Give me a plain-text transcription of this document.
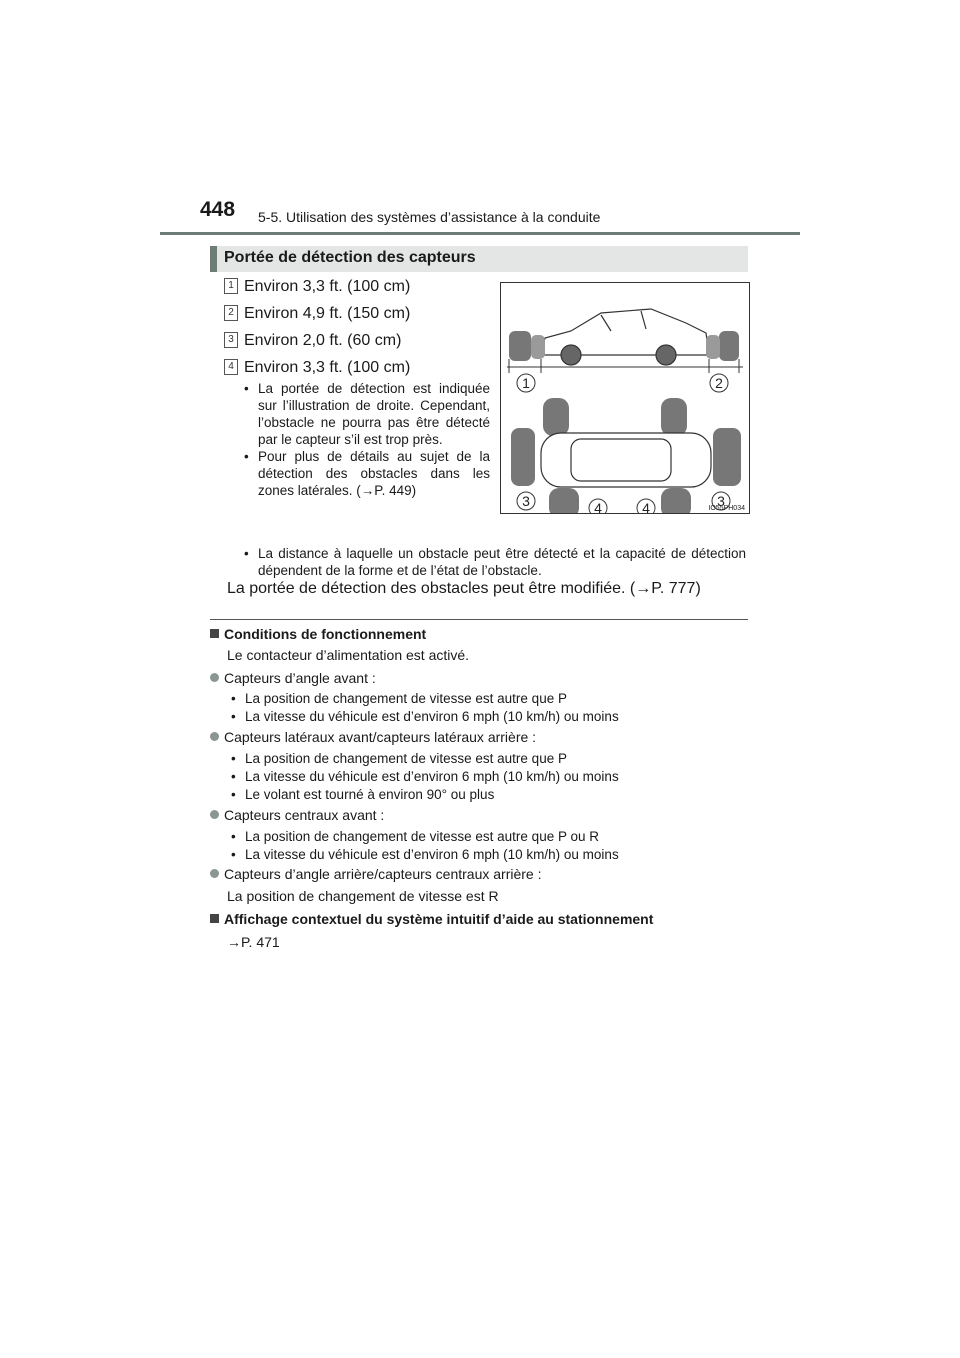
448 5-5. Utilisation des systèmes d’assistance à la conduite
Portée de détection des capteurs
1 Environ 3,3 ft. (100 cm)
2 Environ 4,9 ft. (150 cm)
3 Environ 2,0 ft. (60 cm)
4 Environ 3,3 ft. (100 cm)
• La portée de détection est indiquée sur l’illustration de droite. Cependant, l’obstacle ne pourra pas être détecté par le capteur s’il est trop près.
• Pour plus de détails au sujet de la détection des obstacles dans les zones latérales. (→P. 449)
• La distance à laquelle un obstacle peut être détecté et la capacité de détection dépendent de la forme et de l’état de l’obstacle.
La portée de détection des obstacles peut être modifiée. (→P. 777)
1	2
3	4	4	3
IO55PH034
Conditions de fonctionnement
Le contacteur d’alimentation est activé.
Capteurs d’angle avant :
• La position de changement de vitesse est autre que P
• La vitesse du véhicule est d’environ 6 mph (10 km/h) ou moins
Capteurs latéraux avant/capteurs latéraux arrière :
• La position de changement de vitesse est autre que P
• La vitesse du véhicule est d’environ 6 mph (10 km/h) ou moins
• Le volant est tourné à environ 90° ou plus
Capteurs centraux avant :
• La position de changement de vitesse est autre que P ou R
• La vitesse du véhicule est d’environ 6 mph (10 km/h) ou moins
Capteurs d’angle arrière/capteurs centraux arrière :
La position de changement de vitesse est R
Affichage contextuel du système intuitif d’aide au stationnement
→P. 471
